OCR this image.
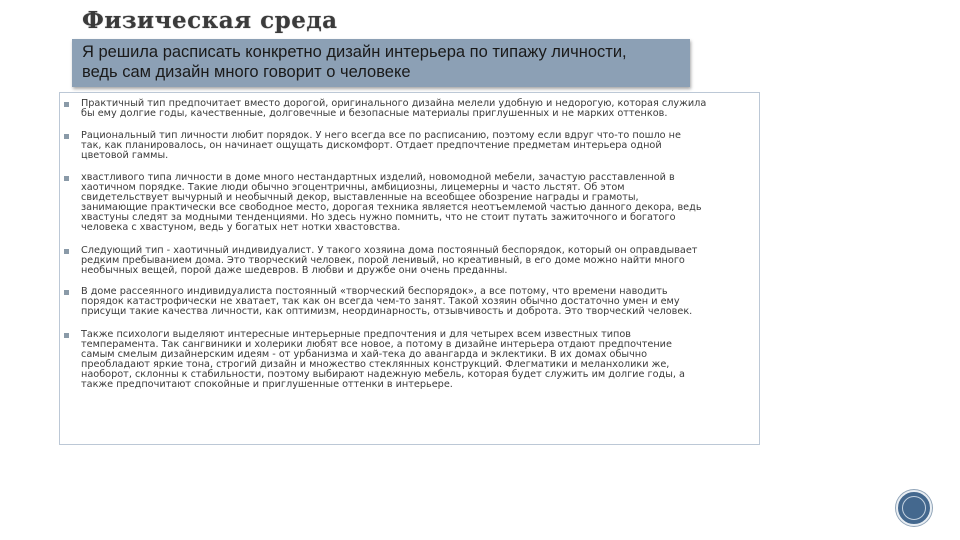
Физическая среда
Я решила расписать конкретно дизайн интерьера по типажу личности,
ведь сам дизайн много говорит о человеке
Практичный тип предпочитает вместо дорогой, оригинального дизайна мелели удобную и недорогую, которая служила
бы ему долгие годы, качественные, долговечные и безопасные материалы приглушенных и не марких оттенков.
Рациональный тип личности любит порядок. У него всегда все по расписанию, поэтому если вдруг что-то пошло не
так, как планировалось, он начинает ощущать дискомфорт. Отдает предпочтение предметам интерьера одной
цветовой гаммы.
хвастливого типа личности в доме много нестандартных изделий, новомодной мебели, зачастую расставленной в
хаотичном порядке. Такие люди обычно эгоцентричны, амбициозны, лицемерны и часто льстят. Об этом
свидетельствует вычурный и необычный декор, выставленные на всеобщее обозрение награды и грамоты,
занимающие практически все свободное место, дорогая техника является неотъемлемой частью данного декора, ведь
хвастуны следят за модными тенденциями. Но здесь нужно помнить, что не стоит путать зажиточного и богатого
человека с хвастуном, ведь у богатых нет нотки хвастовства.
Следующий тип - хаотичный индивидуалист. У такого хозяина дома постоянный беспорядок, который он оправдывает
редким пребыванием дома. Это творческий человек, порой ленивый, но креативный, в его доме можно найти много
необычных вещей, порой даже шедевров. В любви и дружбе они очень преданны.
В доме рассеянного индивидуалиста постоянный «творческий беспорядок», а все потому, что времени наводить
порядок катастрофически не хватает, так как он всегда чем-то занят. Такой хозяин обычно достаточно умен и ему
присущи такие качества личности, как оптимизм, неординарность, отзывчивость и доброта. Это творческий человек.
Также психологи выделяют интересные интерьерные предпочтения и для четырех всем известных типов
темперамента. Так сангвиники и холерики любят все новое, а потому в дизайне интерьера отдают предпочтение
самым смелым дизайнерским идеям - от урбанизма и хай-тека до авангарда и эклектики. В их домах обычно
преобладают яркие тона, строгий дизайн и множество стеклянных конструкций. Флегматики и меланхолики же,
наоборот, склонны к стабильности, поэтому выбирают надежную мебель, которая будет служить им долгие годы, а
также предпочитают спокойные и приглушенные оттенки в интерьере.
